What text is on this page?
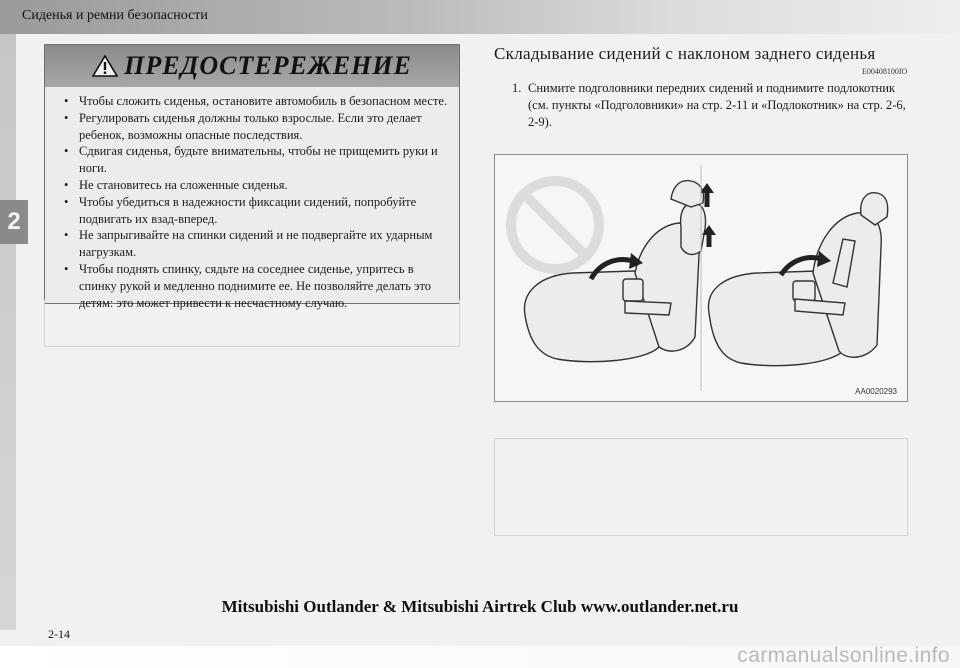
Сиденья и ремни безопасности
2
ПРЕДОСТЕРЕЖЕНИЕ
• Чтобы сложить сиденья, остановите автомобиль в безопасном месте.
• Регулировать сиденья должны только взрослые. Если это делает ребенок, возможны опасные последствия.
• Сдвигая сиденья, будьте внимательны, чтобы не прищемить руки и ноги.
• Не становитесь на сложенные сиденья.
• Чтобы убедиться в надежности фиксации сидений, попробуйте подвигать их взад-вперед.
• Не запрыгивайте на спинки сидений и не подвергайте их ударным нагрузкам.
• Чтобы поднять спинку, сядьте на соседнее сиденье, упритесь в спинку рукой и медленно поднимите ее. Не позволяйте делать это детям: это может привести к несчастному случаю.
Складывание сидений с наклоном заднего сиденья
E00408100IO
1. Снимите подголовники передних сидений и поднимите подлокотник (см. пункты «Подголовники» на стр. 2-11 и «Подлокотник» на стр. 2-6, 2-9).
AA0020293
Mitsubishi Outlander & Mitsubishi Airtrek Club www.outlander.net.ru
2-14
carmanualsonline.info
